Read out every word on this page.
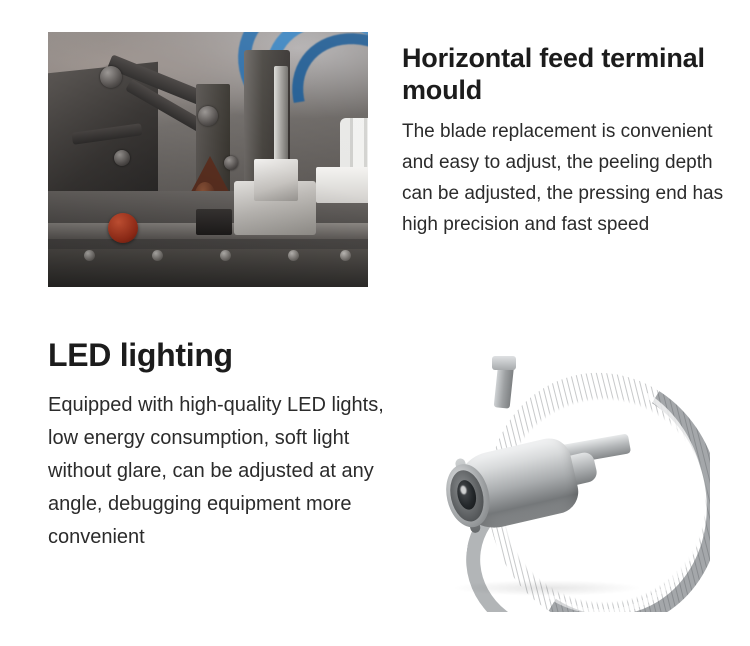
Horizontal feed terminal mould

The blade replacement is convenient and easy to adjust, the peeling depth can be adjusted, the pressing end has high precision and fast speed

LED lighting

Equipped with high-quality LED lights, low energy consumption, soft light without glare, can be adjusted at any angle, debugging equipment more convenient
